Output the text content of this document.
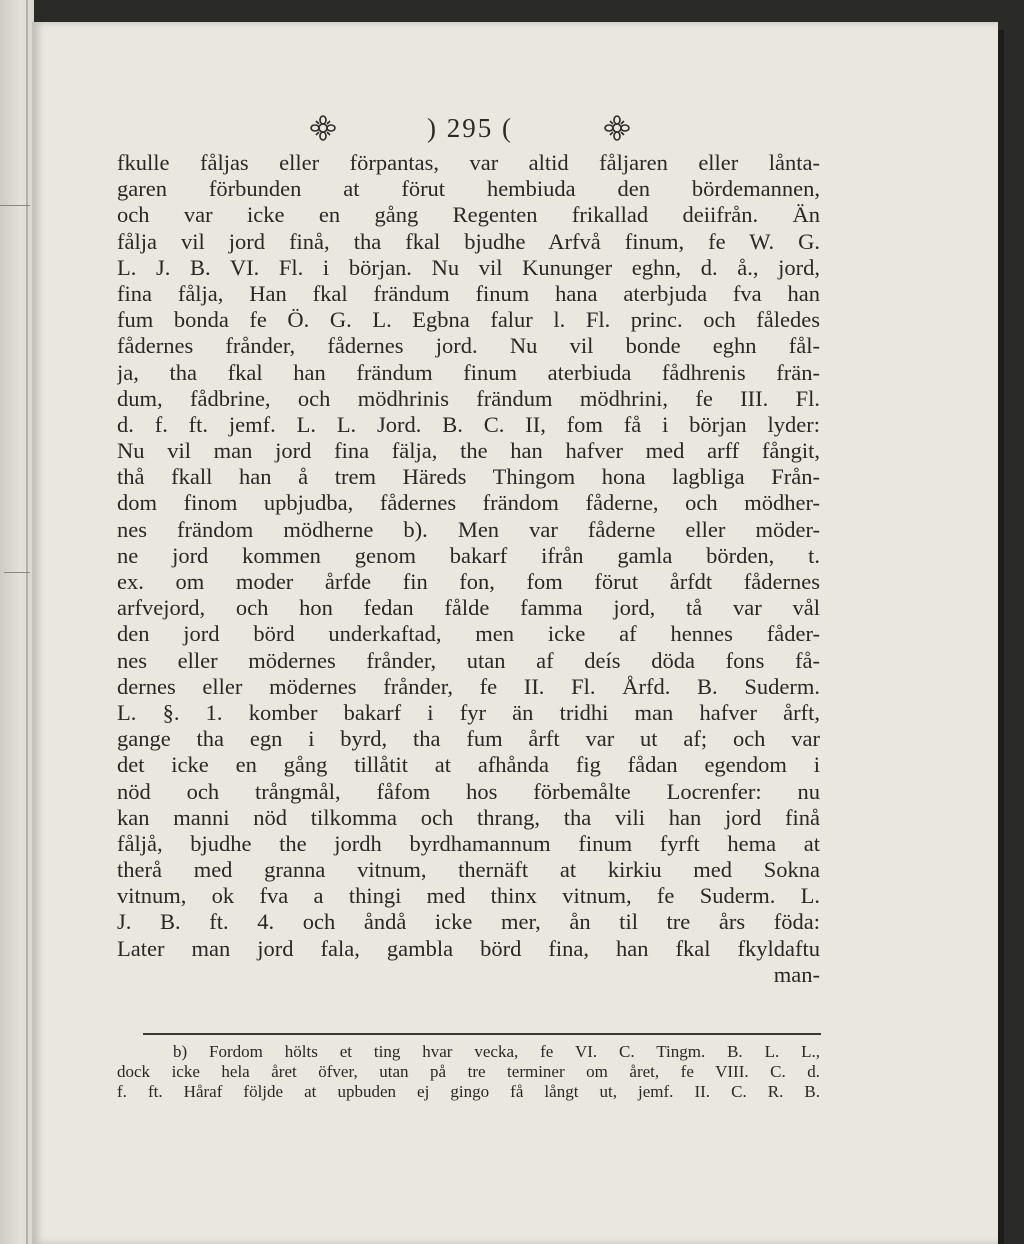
) 295 (
fkulle fåljas eller förpantas, var altid fåljaren eller lånta-
garen förbunden at förut hembiuda den bördemannen,
och var icke en gång Regenten frikallad deiifrån. Än
fålja vil jord finå, tha fkal bjudhe Arfvå finum, fe W. G.
L. J. B. VI. Fl. i början. Nu vil Kununger eghn, d. å., jord,
fina fålja, Han fkal frändum finum hana aterbjuda fva han
fum bonda fe Ö. G. L. Egbna falur l. Fl. princ. och fåledes
fådernes frånder, fådernes jord. Nu vil bonde eghn fål-
ja, tha fkal han frändum finum aterbiuda fådhrenis frän-
dum, fådbrine, och mödhrinis frändum mödhrini, fe III. Fl.
d. f. ft. jemf. L. L. Jord. B. C. II, fom få i början lyder:
Nu vil man jord fina fälja, the han hafver med arff fångit,
thå fkall han å trem Häreds Thingom hona lagbliga Från-
dom finom upbjudba, fådernes frändom fåderne, och mödher-
nes frändom mödherne b). Men var fåderne eller möder-
ne jord kommen genom bakarf ifrån gamla börden, t.
ex. om moder årfde fin fon, fom förut årfdt fådernes
arfvejord, och hon fedan fålde famma jord, tå var vål
den jord börd underkaftad, men icke af hennes fåder-
nes eller mödernes frånder, utan af deís döda fons få-
dernes eller mödernes frånder, fe II. Fl. Årfd. B. Suderm.
L. §. 1. komber bakarf i fyr än tridhi man hafver årft,
gange tha egn i byrd, tha fum årft var ut af; och var
det icke en gång tillåtit at afhånda fig fådan egendom i
nöd och trångmål, fåfom hos förbemålte Locrenfer: nu
kan manni nöd tilkomma och thrang, tha vili han jord finå
fåljå, bjudhe the jordh byrdhamannum finum fyrft hema at
therå med granna vitnum, thernäft at kirkiu med Sokna
vitnum, ok fva a thingi med thinx vitnum, fe Suderm. L.
J. B. ft. 4. och åndå icke mer, ån til tre års föda:
Later man jord fala, gambla börd fina, han fkal fkyldaftu
man-
b) Fordom hölts et ting hvar vecka, fe VI. C. Tingm. B. L. L.,
dock icke hela året öfver, utan på tre terminer om året, fe VIII. C. d.
f. ft. Håraf följde at upbuden ej gingo få långt ut, jemf. II. C. R. B.
